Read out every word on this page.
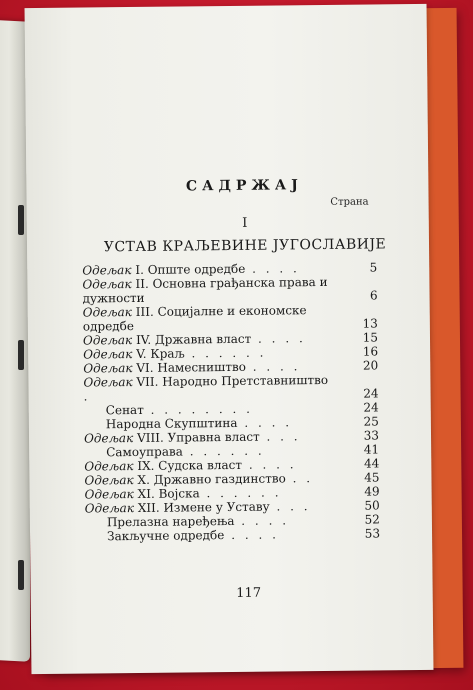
САДРЖАЈ
Страна
I
УСТАВ КРАЉЕВИНЕ ЈУГОСЛАВИЈЕ
Одељак I. Опште одредбе . . . .	5
Одељак II. Основна грађанска права и дужности	6
Одељак III. Социјалне и економске одредбе	13
Одељак IV. Државна власт . . . .	15
Одељак V. Краљ . . . . . .	16
Одељак VI. Намесништво . . . .	20
Одељак VII. Народно Претставништво .	24
Сенат . . . . . . . .	24
Народна Скупштина . . . .	25
Одељак VIII. Управна власт . . .	33
Самоуправа . . . . . .	41
Одељак IX. Судска власт . . . .	44
Одељак X. Државно газдинство . .	45
Одељак XI. Војска . . . . . .	49
Одељак XII. Измене у Уставу . . .	50
Прелазна наређења . . . .	52
Закључне одредбе . . . .	53
117
